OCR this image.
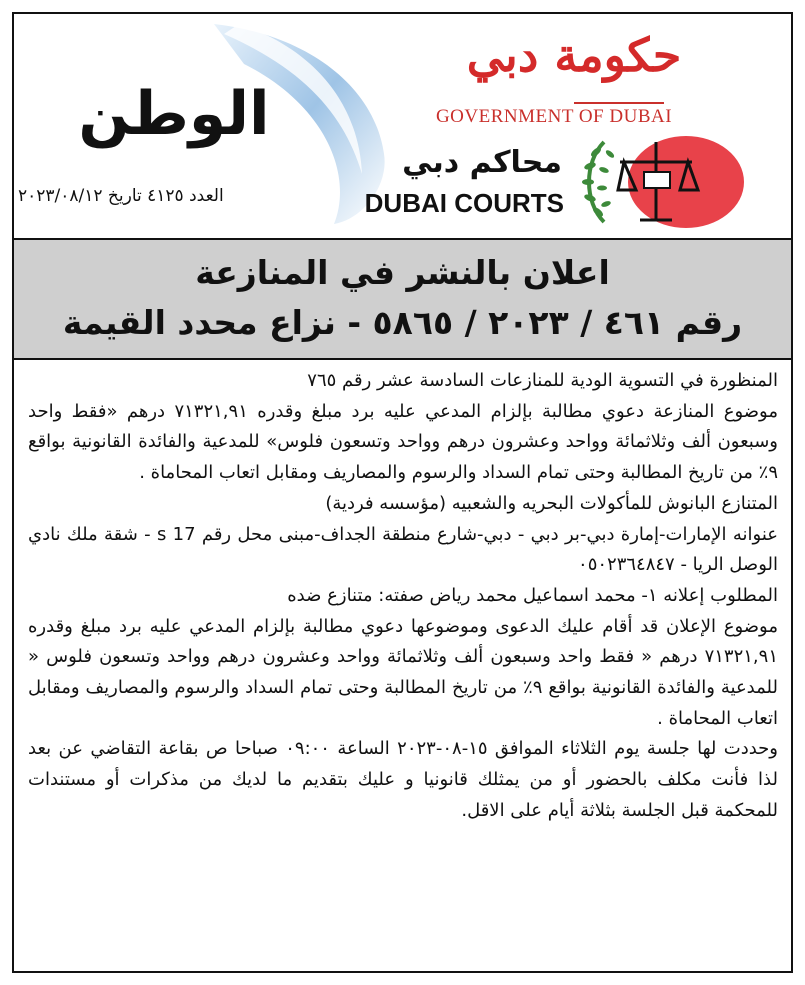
الوطن
العدد ٤١٢٥ تاريخ ٢٠٢٣/٠٨/١٢
حكومة دبي
GOVERNMENT OF DUBAI
محاكم دبي
DUBAI COURTS
اعلان بالنشر في المنازعة
رقم ٤٦١ / ٢٠٢٣ / ٥٨٦٥ - نزاع محدد القيمة

المنظورة في التسوية الودية للمنازعات السادسة عشر رقم ٧٦٥

موضوع المنازعة دعوي مطالبة بإلزام المدعي عليه برد مبلغ وقدره ٧١٣٢١,٩١ درهم «فقط واحد وسبعون ألف وثلاثمائة وواحد وعشرون درهم وواحد وتسعون فلوس» للمدعية والفائدة القانونية بواقع ٩٪ من تاريخ المطالبة وحتى تمام السداد والرسوم والمصاريف ومقابل اتعاب المحاماة .

المتنازع البانوش للمأكولات البحريه والشعبيه (مؤسسه فردية)

عنوانه الإمارات-إمارة دبي-بر دبي - دبي-شارع منطقة الجداف-مبنى محل رقم s 17 - شقة ملك نادي الوصل الريا - ٠٥٠٢٣٦٤٨٤٧

المطلوب إعلانه ١- محمد اسماعيل محمد رياض صفته: متنازع ضده

موضوع الإعلان قد أقام عليك الدعوى وموضوعها دعوي مطالبة بإلزام المدعي عليه برد مبلغ وقدره ٧١٣٢١,٩١ درهم « فقط واحد وسبعون ألف وثلاثمائة وواحد وعشرون درهم وواحد وتسعون فلوس « للمدعية والفائدة القانونية بواقع ٩٪ من تاريخ المطالبة وحتى تمام السداد والرسوم والمصاريف ومقابل اتعاب المحاماة .

وحددت لها جلسة يوم الثلاثاء الموافق ١٥-٠٨-٢٠٢٣ الساعة ٠٩:٠٠ صباحا ص بقاعة التقاضي عن بعد لذا فأنت مكلف بالحضور أو من يمثلك قانونيا و عليك بتقديم ما لديك من مذكرات أو مستندات للمحكمة قبل الجلسة بثلاثة أيام على الاقل.
